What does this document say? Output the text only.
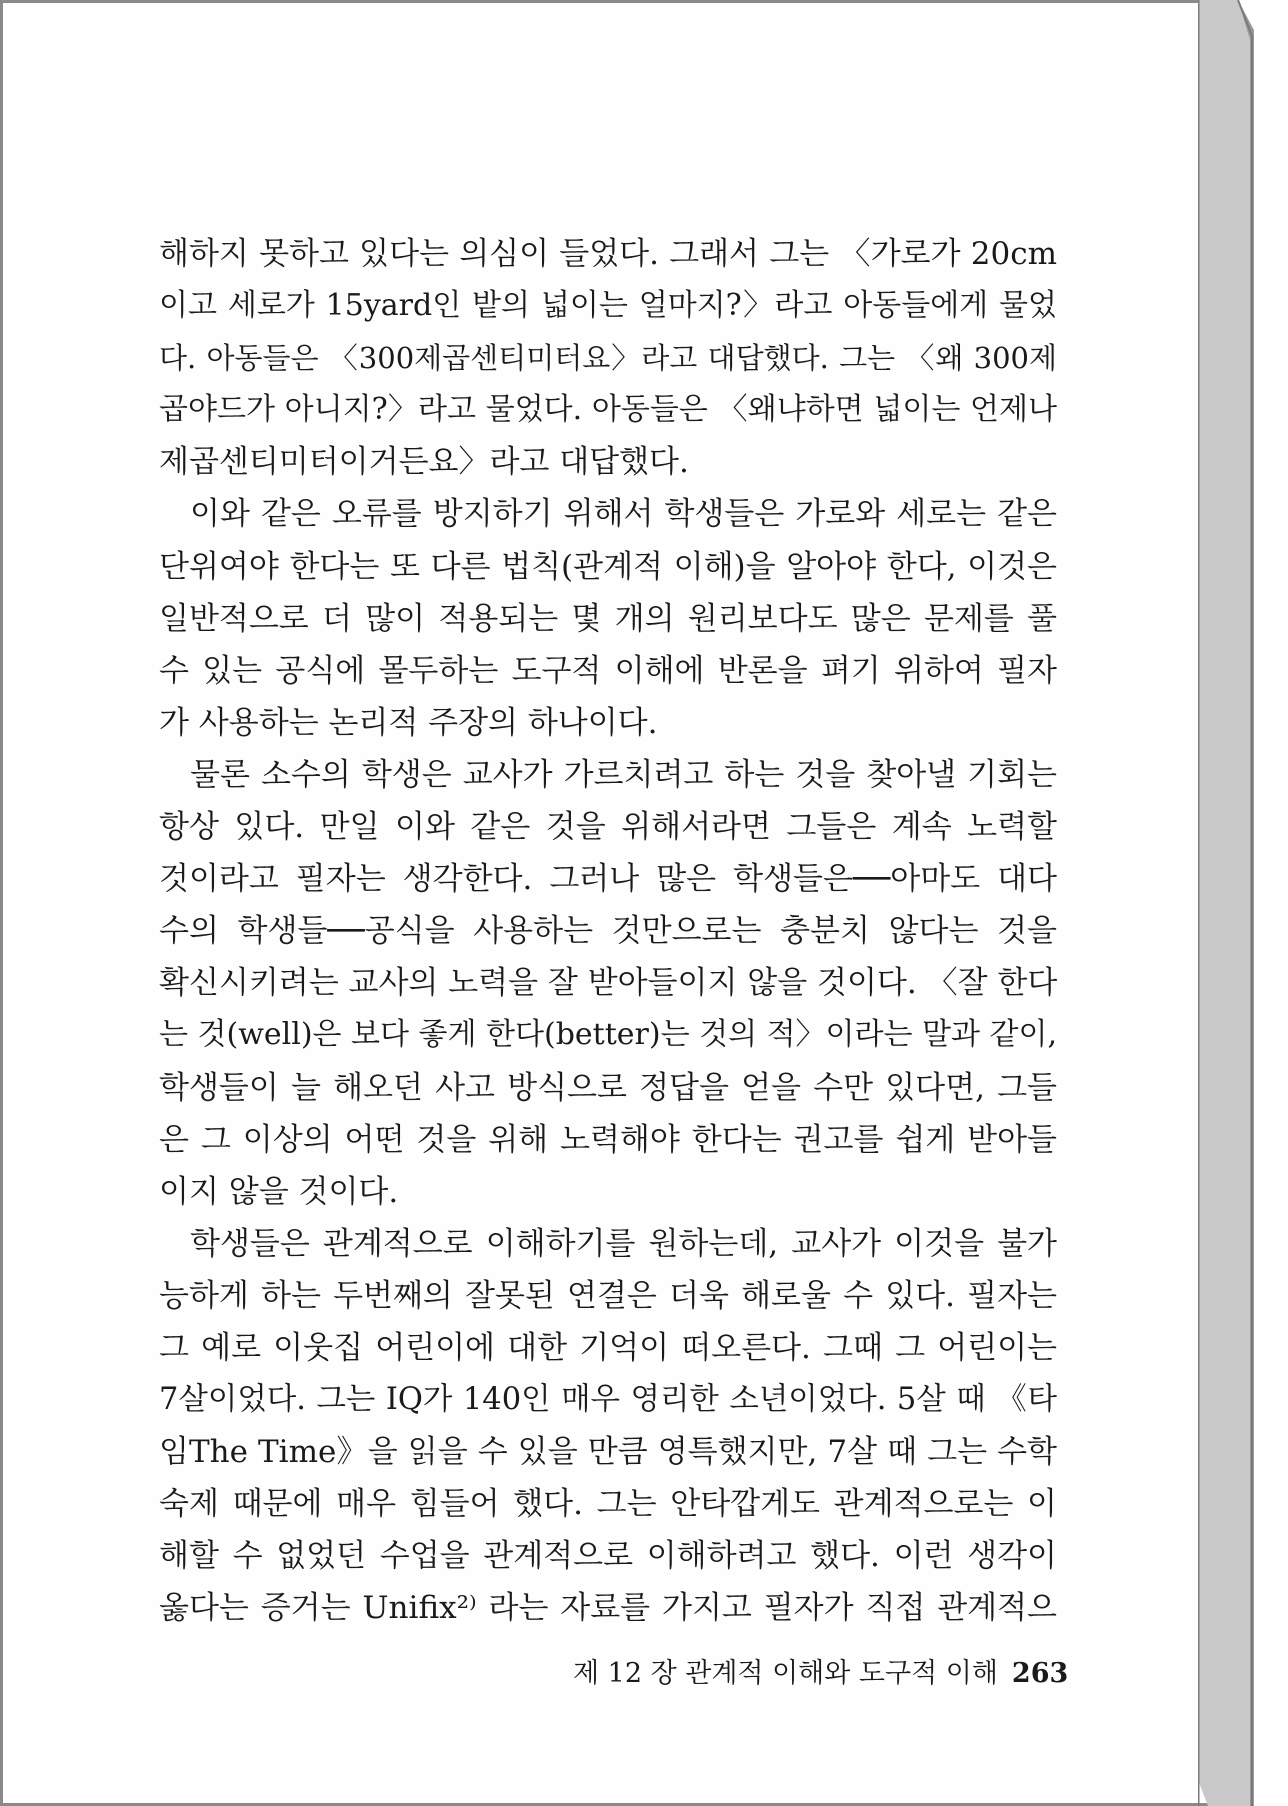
해하지 못하고 있다는 의심이 들었다. 그래서 그는 〈가로가 20cm
이고 세로가 15yard인 밭의 넓이는 얼마지?〉라고 아동들에게 물었
다. 아동들은 〈300제곱센티미터요〉라고 대답했다. 그는 〈왜 300제
곱야드가 아니지?〉라고 물었다. 아동들은 〈왜냐하면 넓이는 언제나
제곱센티미터이거든요〉라고 대답했다.
이와 같은 오류를 방지하기 위해서 학생들은 가로와 세로는 같은
단위여야 한다는 또 다른 법칙(관계적 이해)을 알아야 한다, 이것은
일반적으로 더 많이 적용되는 몇 개의 원리보다도 많은 문제를 풀
수 있는 공식에 몰두하는 도구적 이해에 반론을 펴기 위하여 필자
가 사용하는 논리적 주장의 하나이다.
물론 소수의 학생은 교사가 가르치려고 하는 것을 찾아낼 기회는
항상 있다. 만일 이와 같은 것을 위해서라면 그들은 계속 노력할
것이라고 필자는 생각한다. 그러나 많은 학생들은──아마도 대다
수의 학생들──공식을 사용하는 것만으로는 충분치 않다는 것을
확신시키려는 교사의 노력을 잘 받아들이지 않을 것이다. 〈잘 한다
는 것(well)은 보다 좋게 한다(better)는 것의 적〉이라는 말과 같이,
학생들이 늘 해오던 사고 방식으로 정답을 얻을 수만 있다면, 그들
은 그 이상의 어떤 것을 위해 노력해야 한다는 권고를 쉽게 받아들
이지 않을 것이다.
학생들은 관계적으로 이해하기를 원하는데, 교사가 이것을 불가
능하게 하는 두번째의 잘못된 연결은 더욱 해로울 수 있다. 필자는
그 예로 이웃집 어린이에 대한 기억이 떠오른다. 그때 그 어린이는
7살이었다. 그는 IQ가 140인 매우 영리한 소년이었다. 5살 때 《타
임The Time》을 읽을 수 있을 만큼 영특했지만, 7살 때 그는 수학
숙제 때문에 매우 힘들어 했다. 그는 안타깝게도 관계적으로는 이
해할 수 없었던 수업을 관계적으로 이해하려고 했다. 이런 생각이
옳다는 증거는 Unifix²⁾ 라는 자료를 가지고 필자가 직접 관계적으
제 12 장 관계적 이해와 도구적 이해 263
